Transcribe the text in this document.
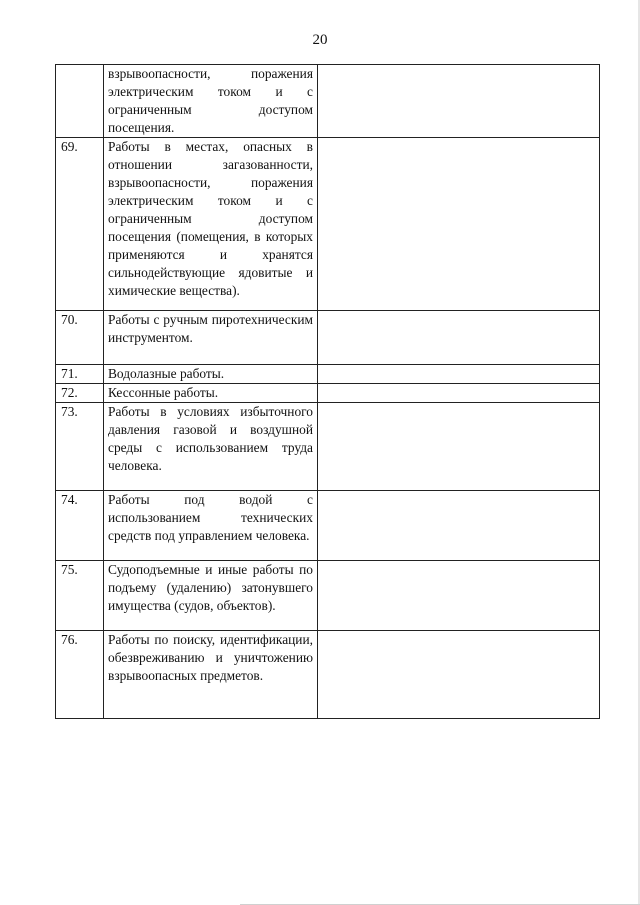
20

	взрывоопасности, поражения электрическим током и с ограниченным доступом посещения.	

69.	Работы в местах, опасных в отношении загазованности, взрывоопасности, поражения электрическим током и с ограниченным доступом посещения (помещения, в которых применяются и хранятся сильнодействующие ядовитые и химические вещества).	

70.	Работы с ручным пиротехническим инструментом.	

71.	Водолазные работы.	

72.	Кессонные работы.	

73.	Работы в условиях избыточного давления газовой и воздушной среды с использованием труда человека.	

74.	Работы под водой с использованием технических средств под управлением человека.	

75.	Судоподъемные и иные работы по подъему (удалению) затонувшего имущества (судов, объектов).	

76.	Работы по поиску, идентификации, обезвреживанию и уничтожению взрывоопасных предметов.	
